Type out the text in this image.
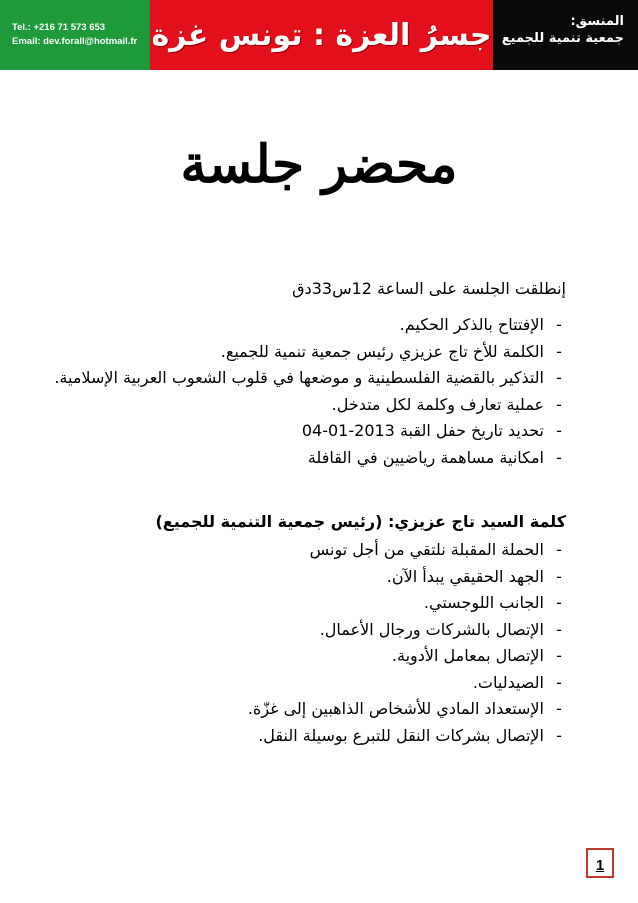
Tel.: +216 71 573 653
Email: dev.forall@hotmail.fr جسرُ العزة : تونس غزة	المنسق:
جمعية تنمية للجميع
محضر جلسة

إنطلقت الجلسة على الساعة 12س33دق

-
الإفتتاح بالذكر الحكيم.
-
الكلمة للأخ تاج عزيزي رئيس جمعية تنمية للجميع.
-
التذكير بالقضية الفلسطينية و موضعها في قلوب الشعوب العربية الإسلامية.
-
عملية تعارف وكلمة لكل متدخل.
-
تحديد تاريخ حفل القبة 2013-01-04
-
امكانية مساهمة رياضيين في القافلة

كلمة السيد تاج عزيزي: (رئيس جمعية التنمية للجميع)

-
الحملة المقبلة نلتقي من أجل تونس
-
الجهد الحقيقي يبدأ الآن.
-
الجانب اللوجستي.
-
الإتصال بالشركات ورجال الأعمال.
-
الإتصال بمعامل الأدوية.
-
الصيدليات.
-
الإستعداد المادي للأشخاص الذاهبين إلى غزّة.
-
الإتصال بشركات النقل للتبرع بوسيلة النقل.
1
